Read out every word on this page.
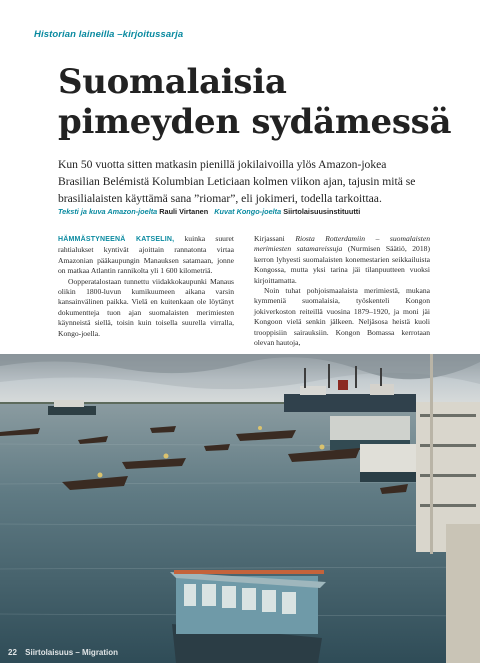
Historian laineilla –kirjoitussarja
Suomalaisia
pimeyden sydämessä

Kun 50 vuotta sitten matkasin pienillä jokilaivoilla ylös Amazon-jokea Brasilian Belémistä Kolumbian Leticiaan kolmen viikon ajan, tajusin mitä se brasilialaisten käyttämä sana ”riomar”, eli jokimeri, todella tarkoittaa.

Teksti ja kuva Amazon-joelta Rauli Virtanen Kuvat Kongo-joelta Siirtolaisuusinstituutti

HÄMMÄSTYNEENÄ KATSELIN, kuinka suuret rahtialukset kyntivät ajoittain rannatonta virtaa Amazonian pääkaupungin Manauksen satamaan, jonne on matkaa Atlantin rannikolta yli 1 600 kilometriä.

Oopperatalostaan tunnettu viidakkokaupunki Manaus olikin 1800-luvun kumikuumeen aikana varsin kansainvälinen paikka. Vielä en kuitenkaan ole löytänyt dokumentteja tuon ajan suomalaisten merimiesten käynneistä siellä, toisin kuin toisella suurella virralla, Kongo-joella.

Kirjassani Riosta Rotterdamiin – suomalaisten merimiesten satamareissuja (Nurmisen Säätiö, 2018) kerron lyhyesti suomalaisten konemestarien seikkailuista Kongossa, mutta yksi tarina jäi tilanpuutteen vuoksi kirjoittamatta.

Noin tuhat pohjoismaalaista merimiestä, mukana kymmeniä suomalaisia, työskenteli Kongon jokiverkoston reiteillä vuosina 1879–1920, ja moni jäi Kongoon vielä senkin jälkeen. Neljäsosa heistä kuoli trooppisiin sairauksiin. Kongon Bomassa kerrotaan olevan hautoja,

22 Siirtolaisuus – Migration
